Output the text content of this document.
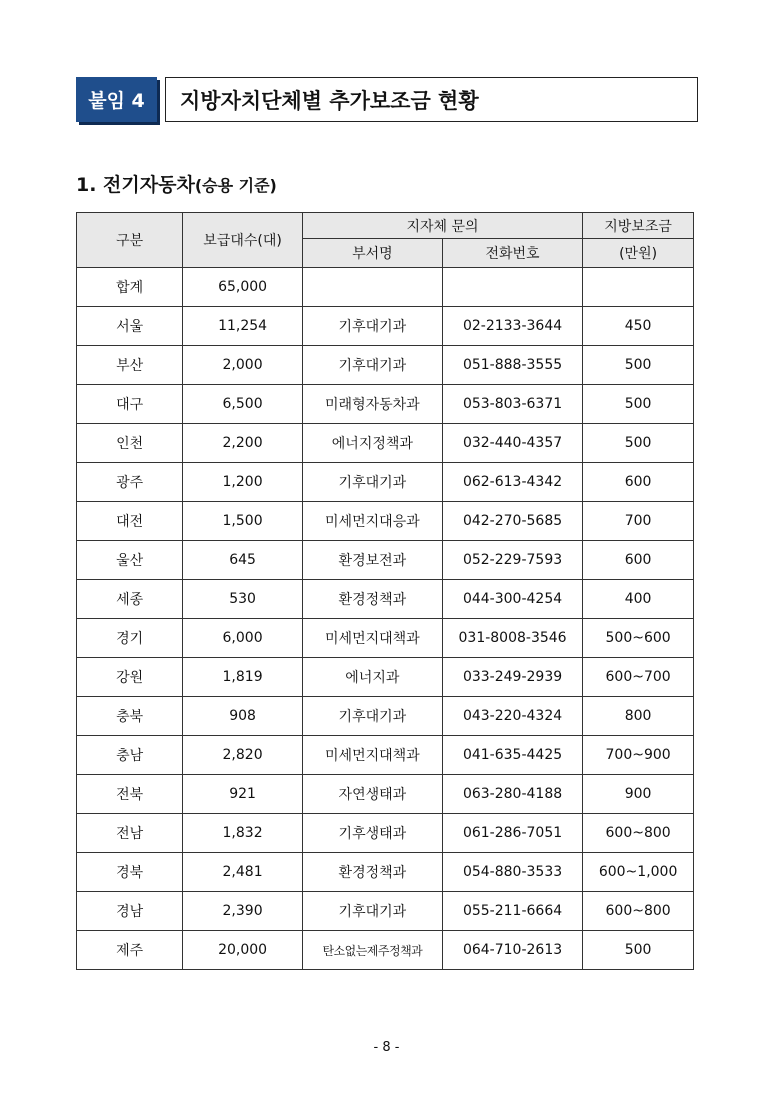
붙임 4	지방자치단체별 추가보조금 현황
1. 전기자동차(승용 기준)
구분	보급대수(대)	지자체 문의		지방보조금
		부서명	전화번호	(만원)
합계	65,000			
서울	11,254	기후대기과	02-2133-3644	450
부산	2,000	기후대기과	051-888-3555	500
대구	6,500	미래형자동차과	053-803-6371	500
인천	2,200	에너지정책과	032-440-4357	500
광주	1,200	기후대기과	062-613-4342	600
대전	1,500	미세먼지대응과	042-270-5685	700
울산	645	환경보전과	052-229-7593	600
세종	530	환경정책과	044-300-4254	400
경기	6,000	미세먼지대책과	031-8008-3546	500~600
강원	1,819	에너지과	033-249-2939	600~700
충북	908	기후대기과	043-220-4324	800
충남	2,820	미세먼지대책과	041-635-4425	700~900
전북	921	자연생태과	063-280-4188	900
전남	1,832	기후생태과	061-286-7051	600~800
경북	2,481	환경정책과	054-880-3533	600~1,000
경남	2,390	기후대기과	055-211-6664	600~800
제주	20,000	탄소없는제주정책과	064-710-2613	500
- 8 -
